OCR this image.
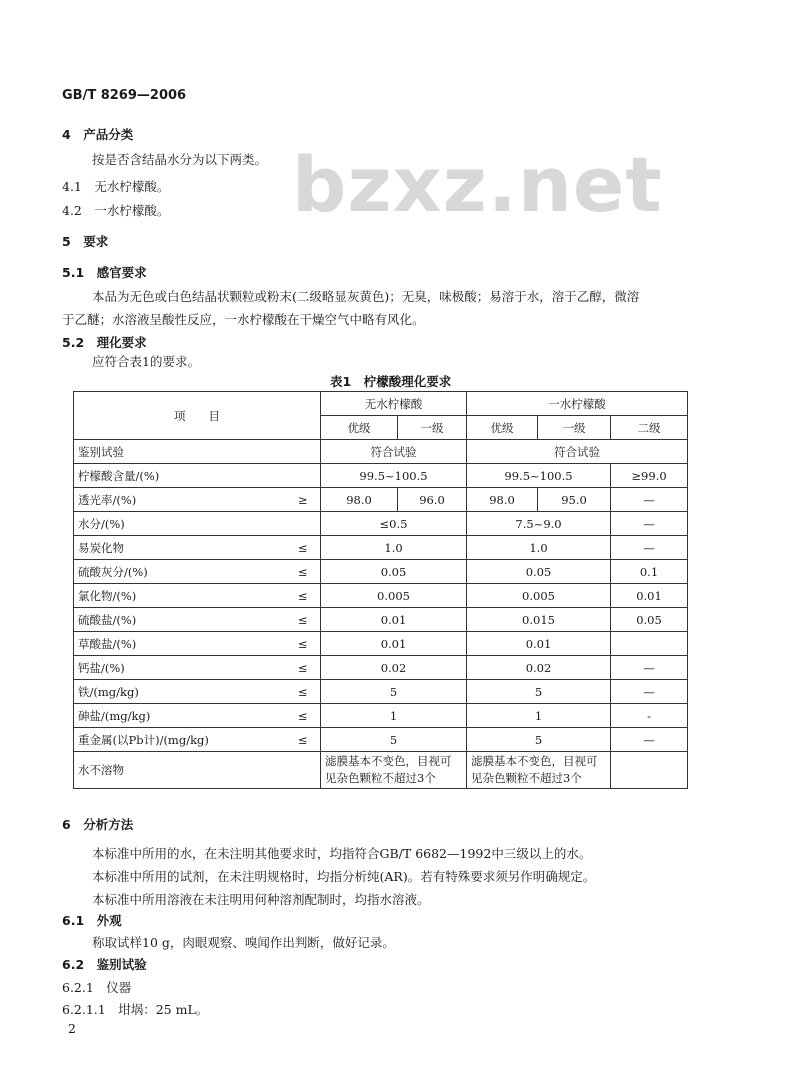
GB/T 8269—2006
bzxz.net
4　产品分类
按是否含结晶水分为以下两类。
4.1　无水柠檬酸。
4.2　一水柠檬酸。
5　要求
5.1　感官要求
本品为无色或白色结晶状颗粒或粉末(二级略显灰黄色)；无臭，味极酸；易溶于水，溶于乙醇，微溶
于乙醚；水溶液呈酸性反应，一水柠檬酸在干燥空气中略有风化。
5.2　理化要求
应符合表1的要求。
表1　柠檬酸理化要求
项　　目		无水柠檬酸		一水柠檬酸		
		优级	一级	优级	一级	二级
鉴别试验		符合试验		符合试验		
柠檬酸含量/(%)		99.5~100.5		99.5~100.5		≥99.0
透光率/(%)	≥	98.0	96.0	98.0	95.0	—
水分/(%)		≤0.5		7.5~9.0		—
易炭化物	≤	1.0		1.0		—
硫酸灰分/(%)	≤	0.05		0.05		0.1
氯化物/(%)	≤	0.005		0.005		0.01
硫酸盐/(%)	≤	0.01		0.015		0.05
草酸盐/(%)	≤	0.01		0.01		
钙盐/(%)	≤	0.02		0.02		—
铁/(mg/kg)	≤	5		5		—
砷盐/(mg/kg)	≤	1		1		-
重金属(以Pb计)/(mg/kg)	≤	5		5		—
水不溶物		滤膜基本不变色，目视可见杂色颗粒不超过3个		滤膜基本不变色，目视可见杂色颗粒不超过3个		
6　分析方法
本标准中所用的水，在未注明其他要求时，均指符合GB/T 6682—1992中三级以上的水。
本标准中所用的试剂，在未注明规格时，均指分析纯(AR)。若有特殊要求须另作明确规定。
本标准中所用溶液在未注明用何种溶剂配制时，均指水溶液。
6.1　外观
称取试样10 g，肉眼观察、嗅闻作出判断，做好记录。
6.2　鉴别试验
6.2.1　仪器
6.2.1.1　坩埚：25 mL。
2
